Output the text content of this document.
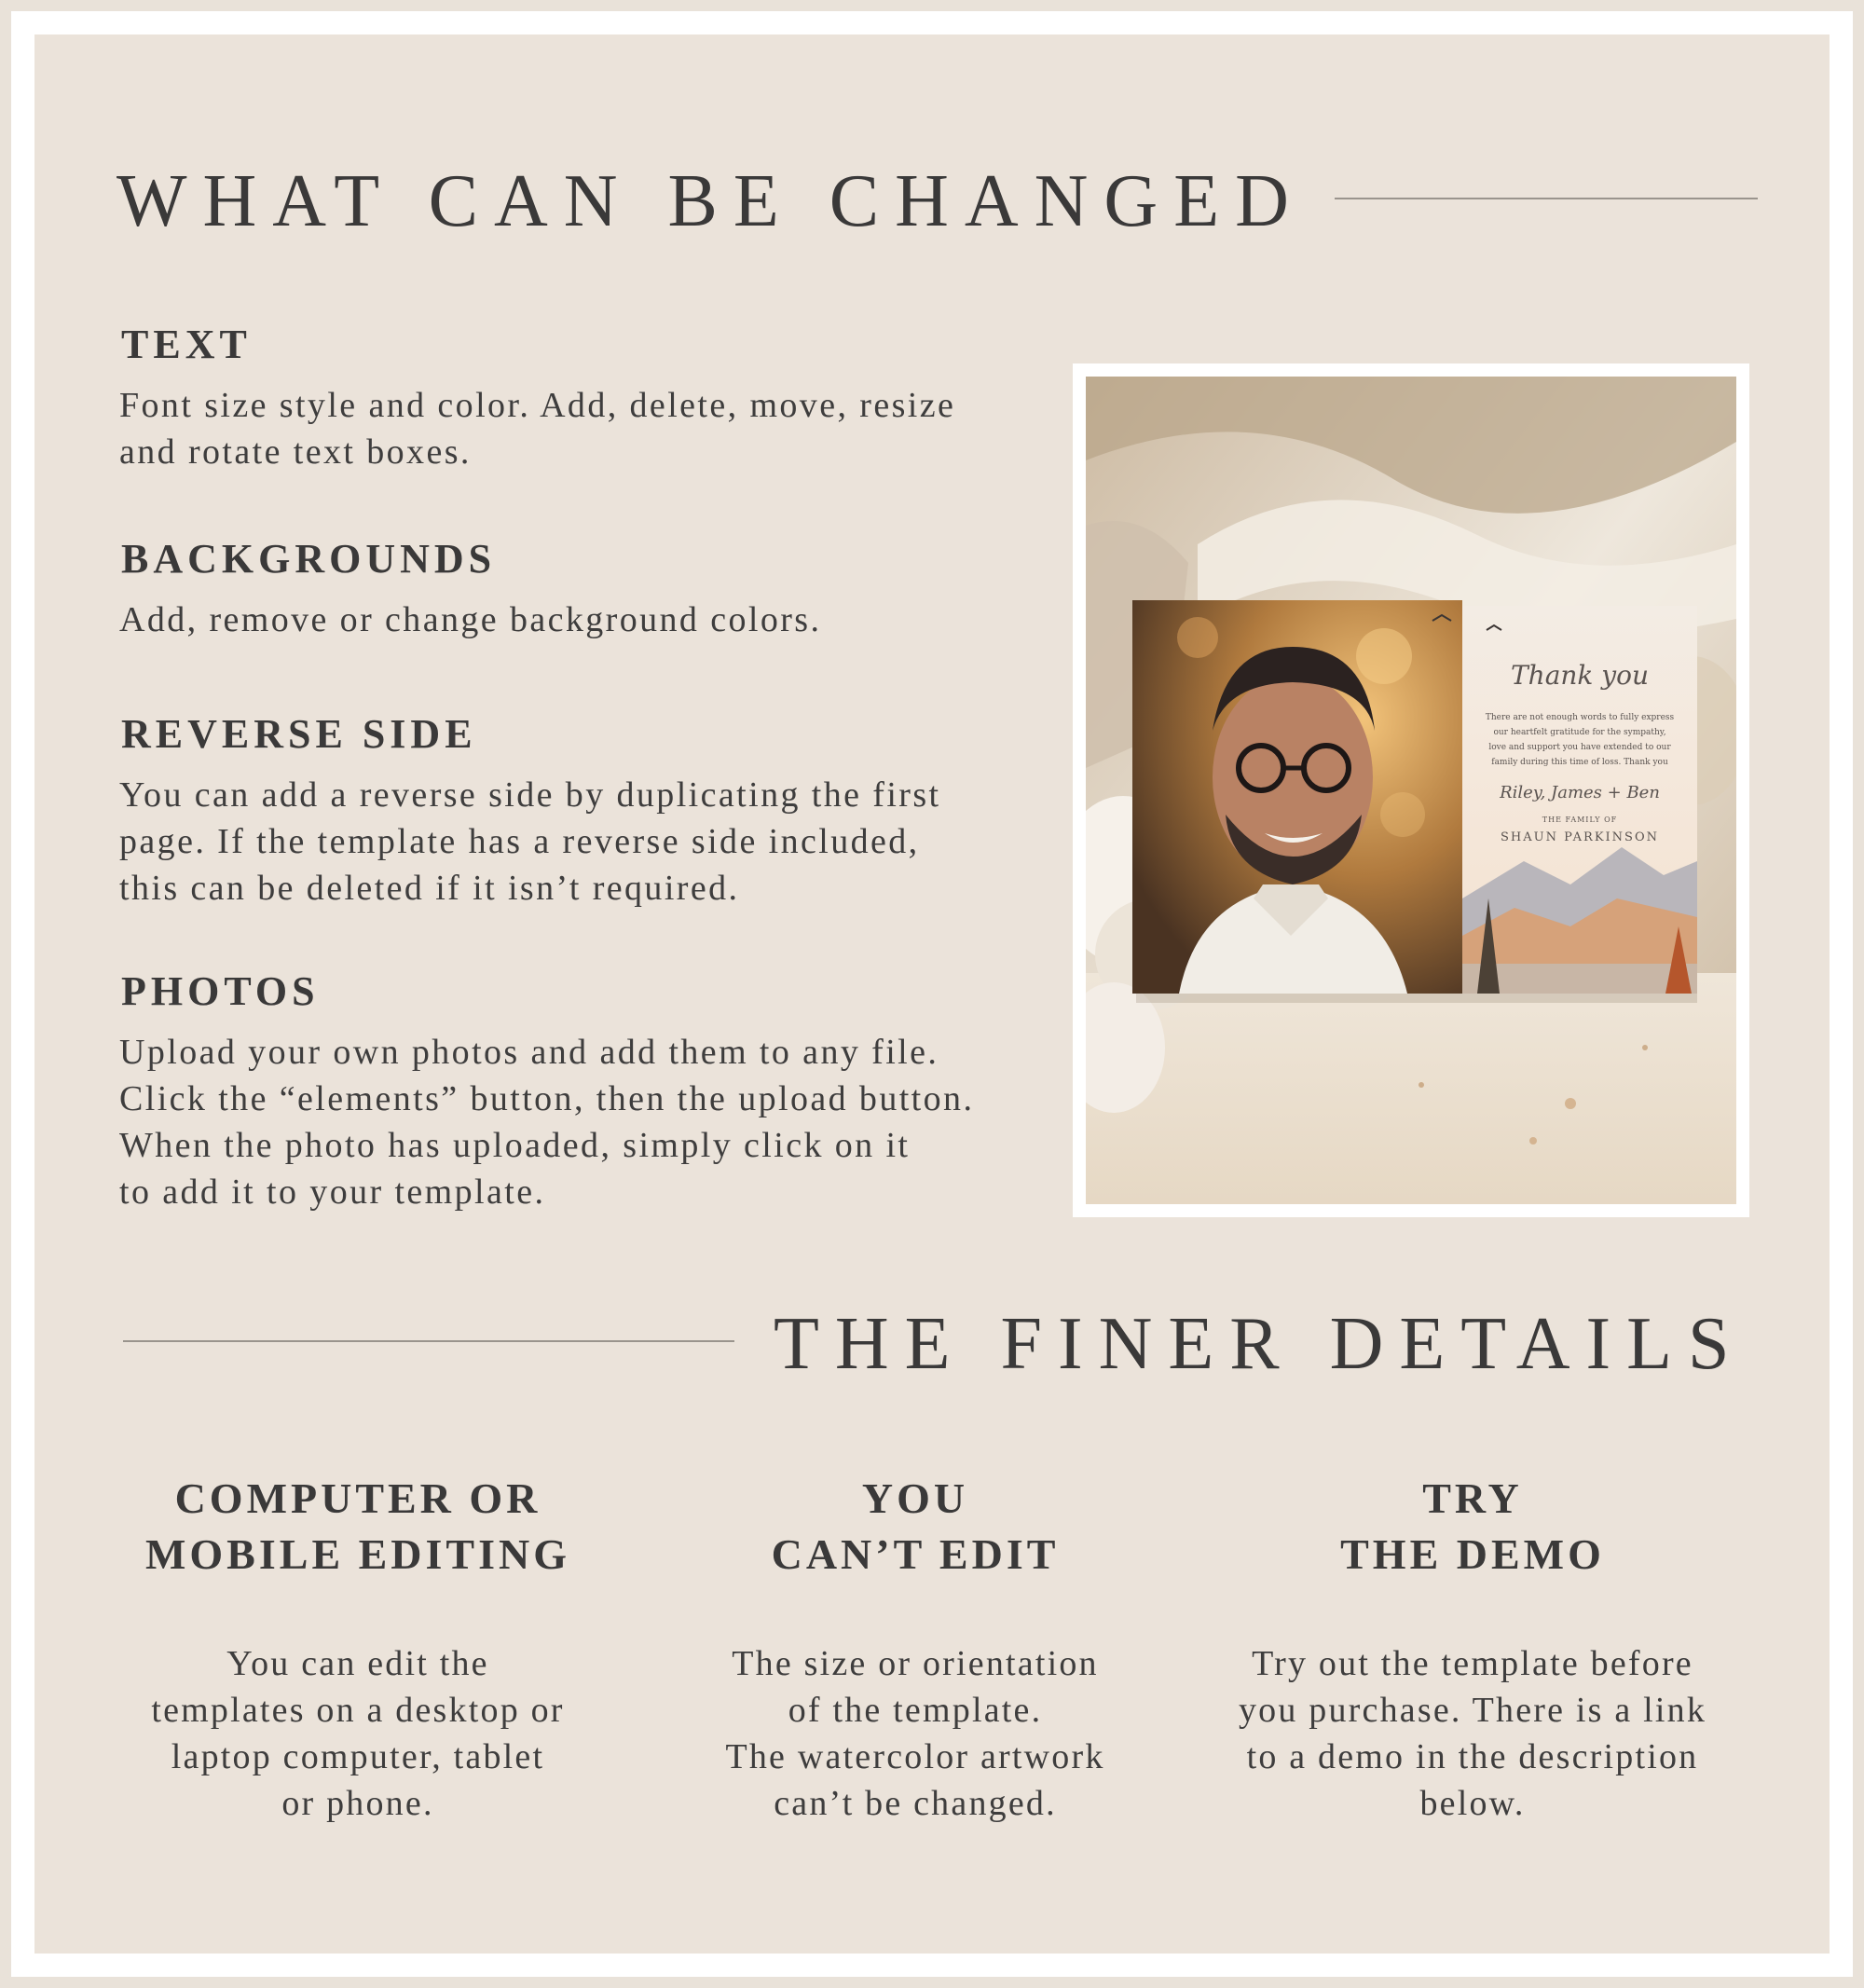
WHAT CAN BE CHANGED
TEXT
Font size style and color. Add, delete, move, resize
and rotate text boxes.
BACKGROUNDS
Add, remove or change background colors.
REVERSE SIDE
You can add a reverse side by duplicating the first
page. If the template has a reverse side included,
this can be deleted if it isn’t required.
PHOTOS
Upload your own photos and add them to any file.
Click the “elements” button, then the upload button.
When the photo has uploaded, simply click on it
to add it to your template.
Thank you
There are not enough words to fully express
our heartfelt gratitude for the sympathy,
love and support you have extended to our
family during this time of loss. Thank you
Riley, James + Ben
THE FAMILY OF
SHAUN PARKINSON
THE FINER DETAILS
COMPUTER OR
MOBILE EDITING
You can edit the
templates on a desktop or
laptop computer, tablet
or phone.
YOU
CAN’T EDIT
The size or orientation
of the template.
The watercolor artwork
can’t be changed.
TRY
THE DEMO
Try out the template before
you purchase. There is a link
to a demo in the description
below.
